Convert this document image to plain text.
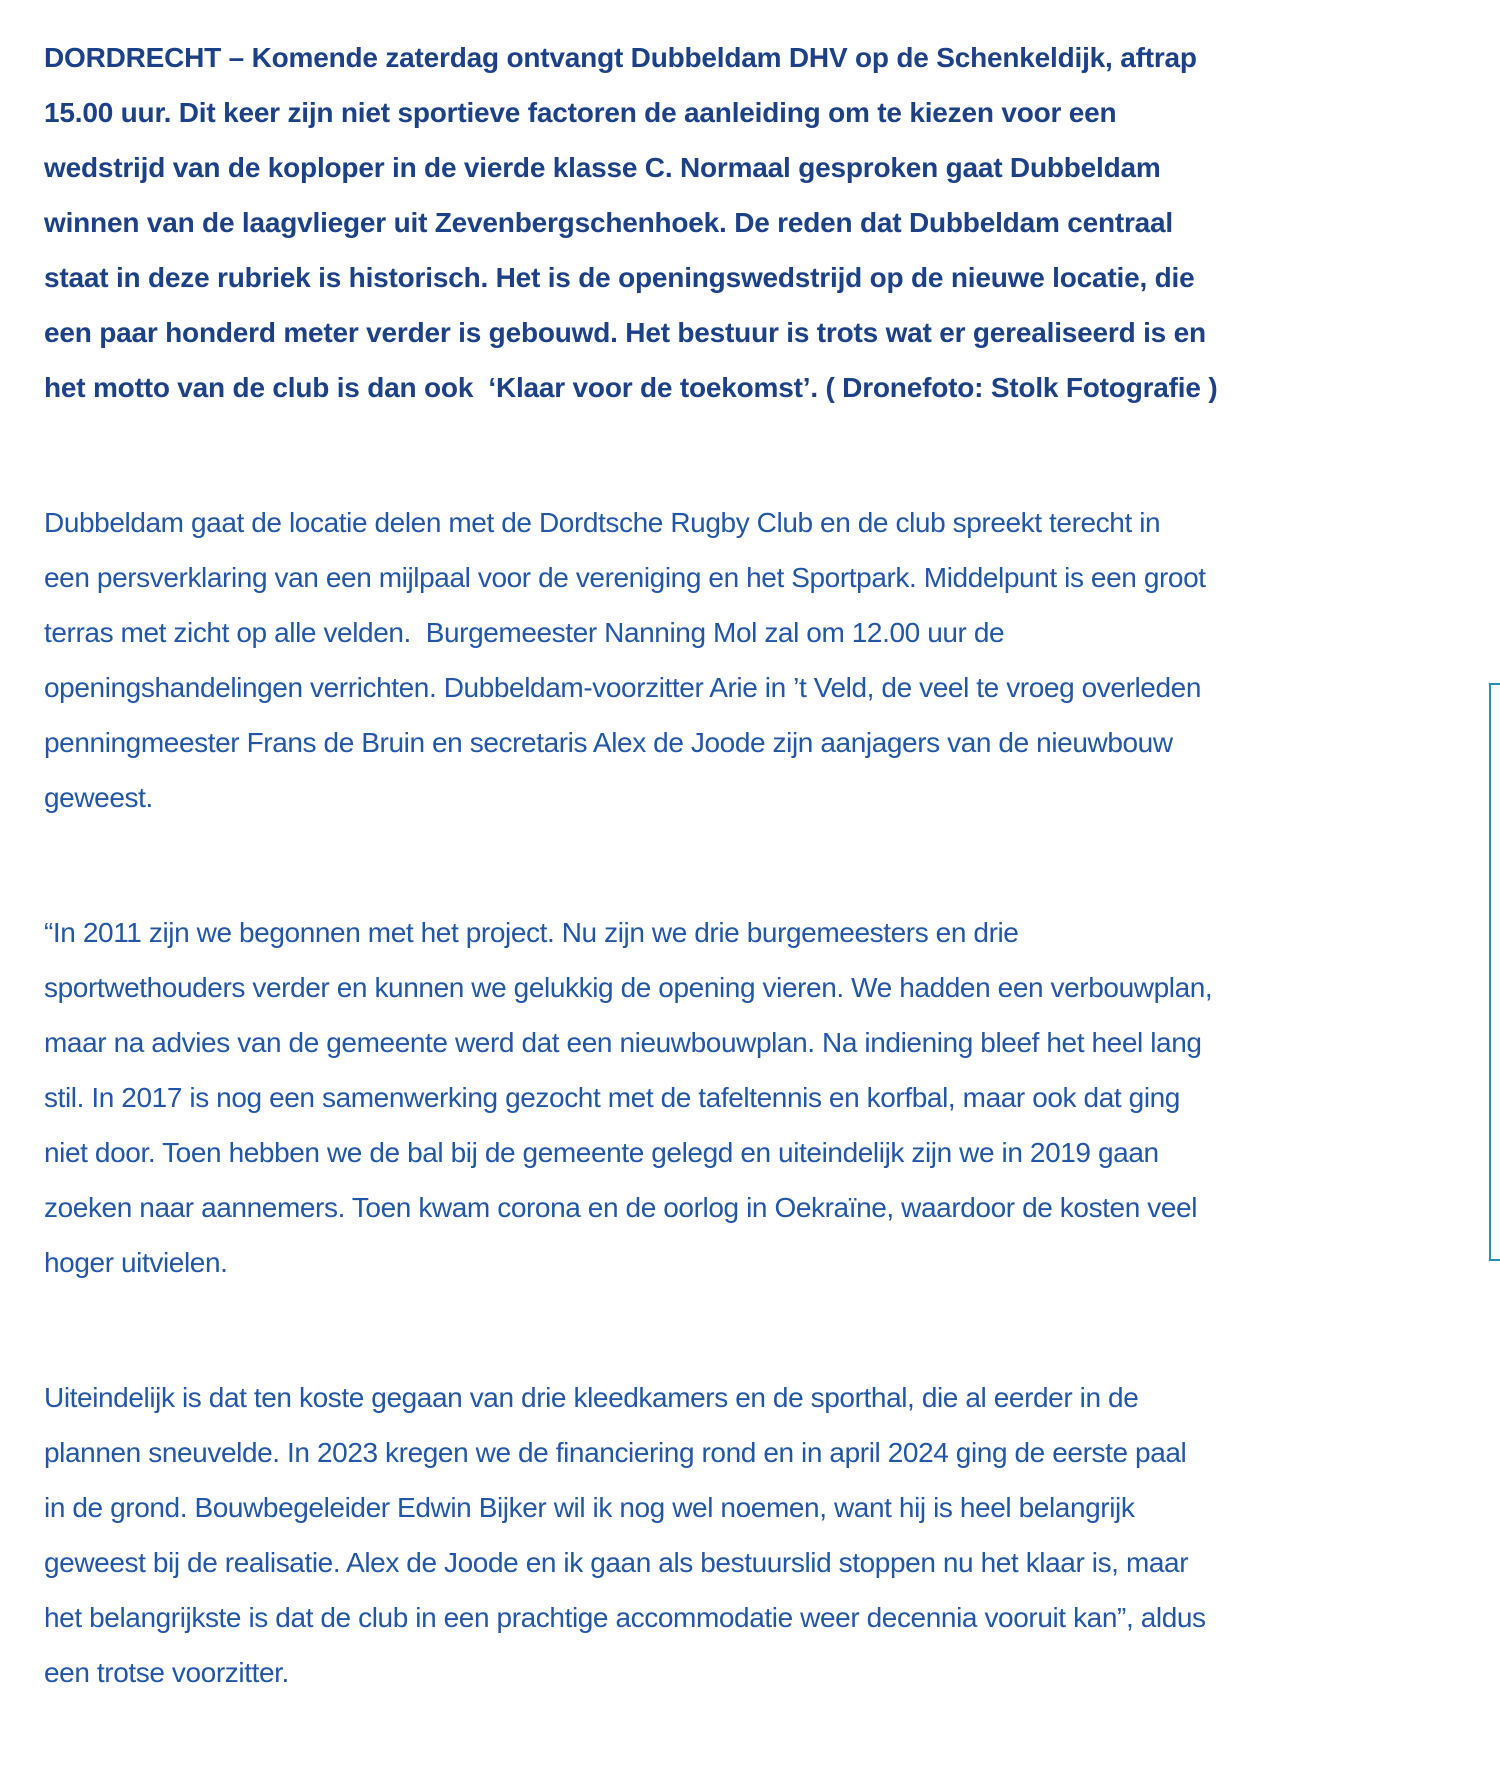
DORDRECHT – Komende zaterdag ontvangt Dubbeldam DHV op de Schenkeldijk, aftrap
15.00 uur. Dit keer zijn niet sportieve factoren de aanleiding om te kiezen voor een
wedstrijd van de koploper in de vierde klasse C. Normaal gesproken gaat Dubbeldam
winnen van de laagvlieger uit Zevenbergschenhoek. De reden dat Dubbeldam centraal
staat in deze rubriek is historisch. Het is de openingswedstrijd op de nieuwe locatie, die
een paar honderd meter verder is gebouwd. Het bestuur is trots wat er gerealiseerd is en
het motto van de club is dan ook  ‘Klaar voor de toekomst’. ( Dronefoto: Stolk Fotografie )
Dubbeldam gaat de locatie delen met de Dordtsche Rugby Club en de club spreekt terecht in
een persverklaring van een mijlpaal voor de vereniging en het Sportpark. Middelpunt is een groot
terras met zicht op alle velden.  Burgemeester Nanning Mol zal om 12.00 uur de
openingshandelingen verrichten. Dubbeldam-voorzitter Arie in ’t Veld, de veel te vroeg overleden
penningmeester Frans de Bruin en secretaris Alex de Joode zijn aanjagers van de nieuwbouw
geweest.
“In 2011 zijn we begonnen met het project. Nu zijn we drie burgemeesters en drie
sportwethouders verder en kunnen we gelukkig de opening vieren. We hadden een verbouwplan,
maar na advies van de gemeente werd dat een nieuwbouwplan. Na indiening bleef het heel lang
stil. In 2017 is nog een samenwerking gezocht met de tafeltennis en korfbal, maar ook dat ging
niet door. Toen hebben we de bal bij de gemeente gelegd en uiteindelijk zijn we in 2019 gaan
zoeken naar aannemers. Toen kwam corona en de oorlog in Oekraïne, waardoor de kosten veel
hoger uitvielen.
Uiteindelijk is dat ten koste gegaan van drie kleedkamers en de sporthal, die al eerder in de
plannen sneuvelde. In 2023 kregen we de financiering rond en in april 2024 ging de eerste paal
in de grond. Bouwbegeleider Edwin Bijker wil ik nog wel noemen, want hij is heel belangrijk
geweest bij de realisatie. Alex de Joode en ik gaan als bestuurslid stoppen nu het klaar is, maar
het belangrijkste is dat de club in een prachtige accommodatie weer decennia vooruit kan”, aldus
een trotse voorzitter.
